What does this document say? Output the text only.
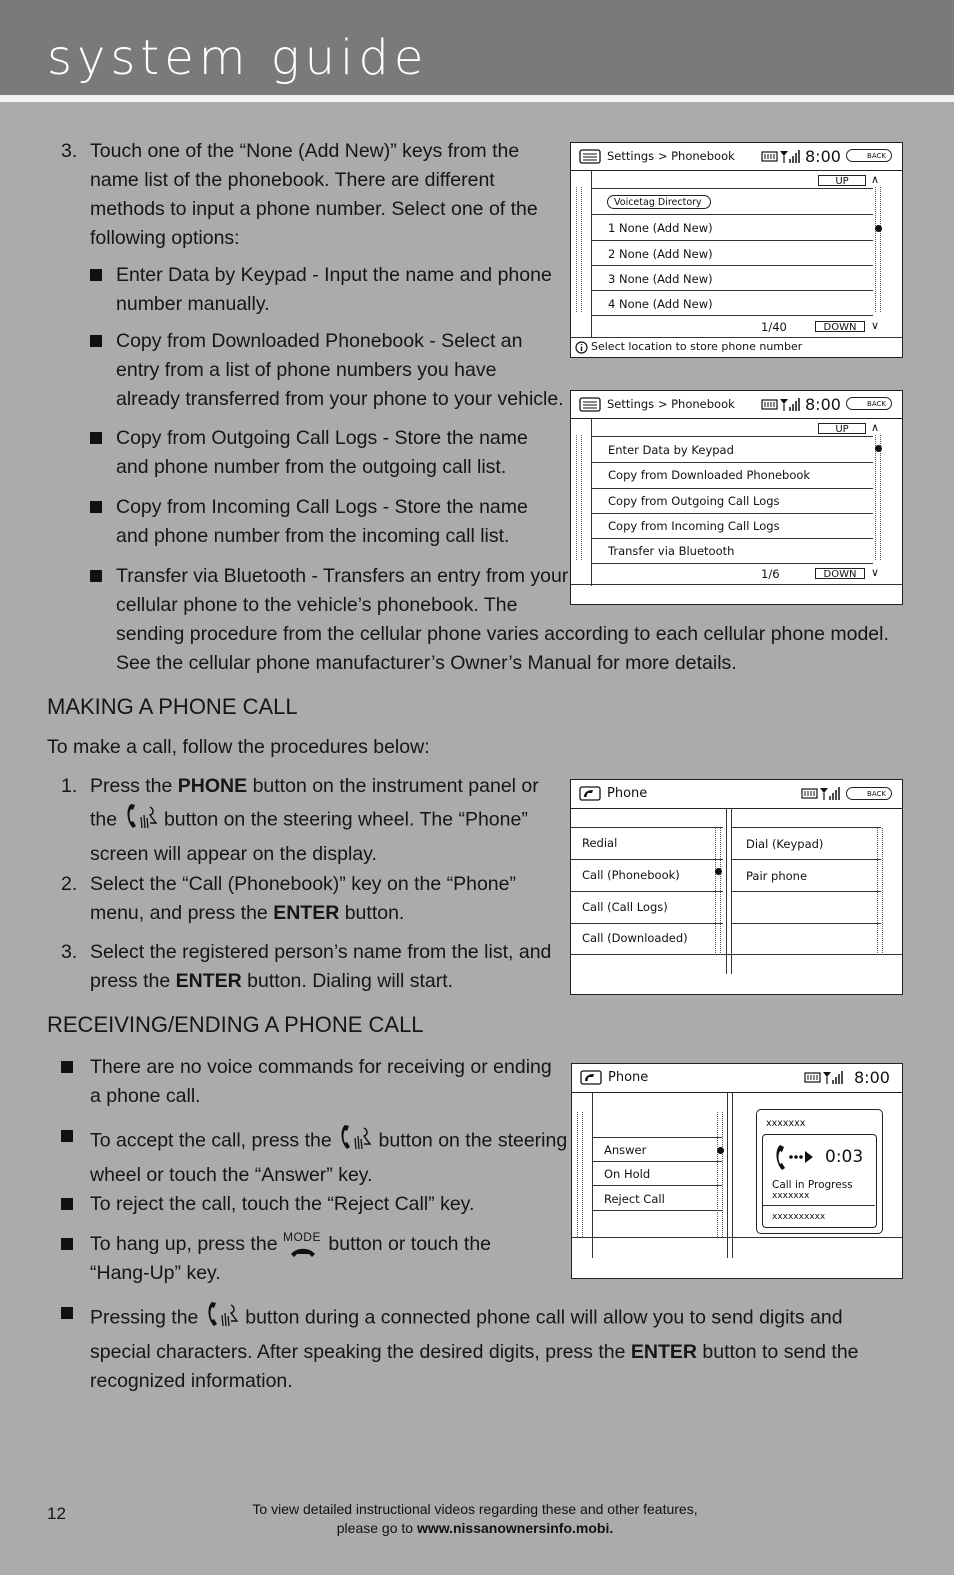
system guide
3. Touch one of the “None (Add New)” keys from the
name list of the phonebook. There are different
methods to input a phone number. Select one of the
following options:
Enter Data by Keypad - Input the name and phone
number manually.
Copy from Downloaded Phonebook - Select an
entry from a list of phone numbers you have
already transferred from your phone to your vehicle.
Copy from Outgoing Call Logs - Store the name
and phone number from the outgoing call list.
Copy from Incoming Call Logs - Store the name
and phone number from the incoming call list.
Transfer via Bluetooth - Transfers an entry from your
cellular phone to the vehicle’s phonebook. The
sending procedure from the cellular phone varies according to each cellular phone model.
See the cellular phone manufacturer’s Owner’s Manual for more details.
MAKING A PHONE CALL
To make a call, follow the procedures below:
1. Press the PHONE button on the instrument panel or
the  button on the steering wheel. The “Phone”
screen will appear on the display.
2. Select the “Call (Phonebook)” key on the “Phone”
menu, and press the ENTER button.
3. Select the registered person’s name from the list, and
press the ENTER button. Dialing will start.
RECEIVING/ENDING A PHONE CALL
There are no voice commands for receiving or ending
a phone call.
To accept the call, press the  button on the steering
wheel or touch the “Answer” key.
To reject the call, touch the “Reject Call” key.
To hang up, press the MODE button or touch the
“Hang-Up” key.
Pressing the  button during a connected phone call will allow you to send digits and
special characters. After speaking the desired digits, press the ENTER button to send the
recognized information.
Settings > Phonebook	8:00	BACK
UP	∧
Voicetag Directory
1 None (Add New)
2 None (Add New)
3 None (Add New)
4 None (Add New)
1/40	DOWN	∨
Select location to store phone number
Settings > Phonebook	8:00	BACK
UP	∧
Enter Data by Keypad
Copy from Downloaded Phonebook
Copy from Outgoing Call Logs
Copy from Incoming Call Logs
Transfer via Bluetooth
1/6	DOWN	∨
Phone	BACK
Redial
Call (Phonebook)
Call (Call Logs)
Call (Downloaded)
Dial (Keypad)
Pair phone
Phone	8:00
Answer
On Hold
Reject Call
xxxxxxx
0:03
Call in Progress
xxxxxxx
xxxxxxxxxx
12	To view detailed instructional videos regarding these and other features,
please go to www.nissanownersinfo.mobi.
